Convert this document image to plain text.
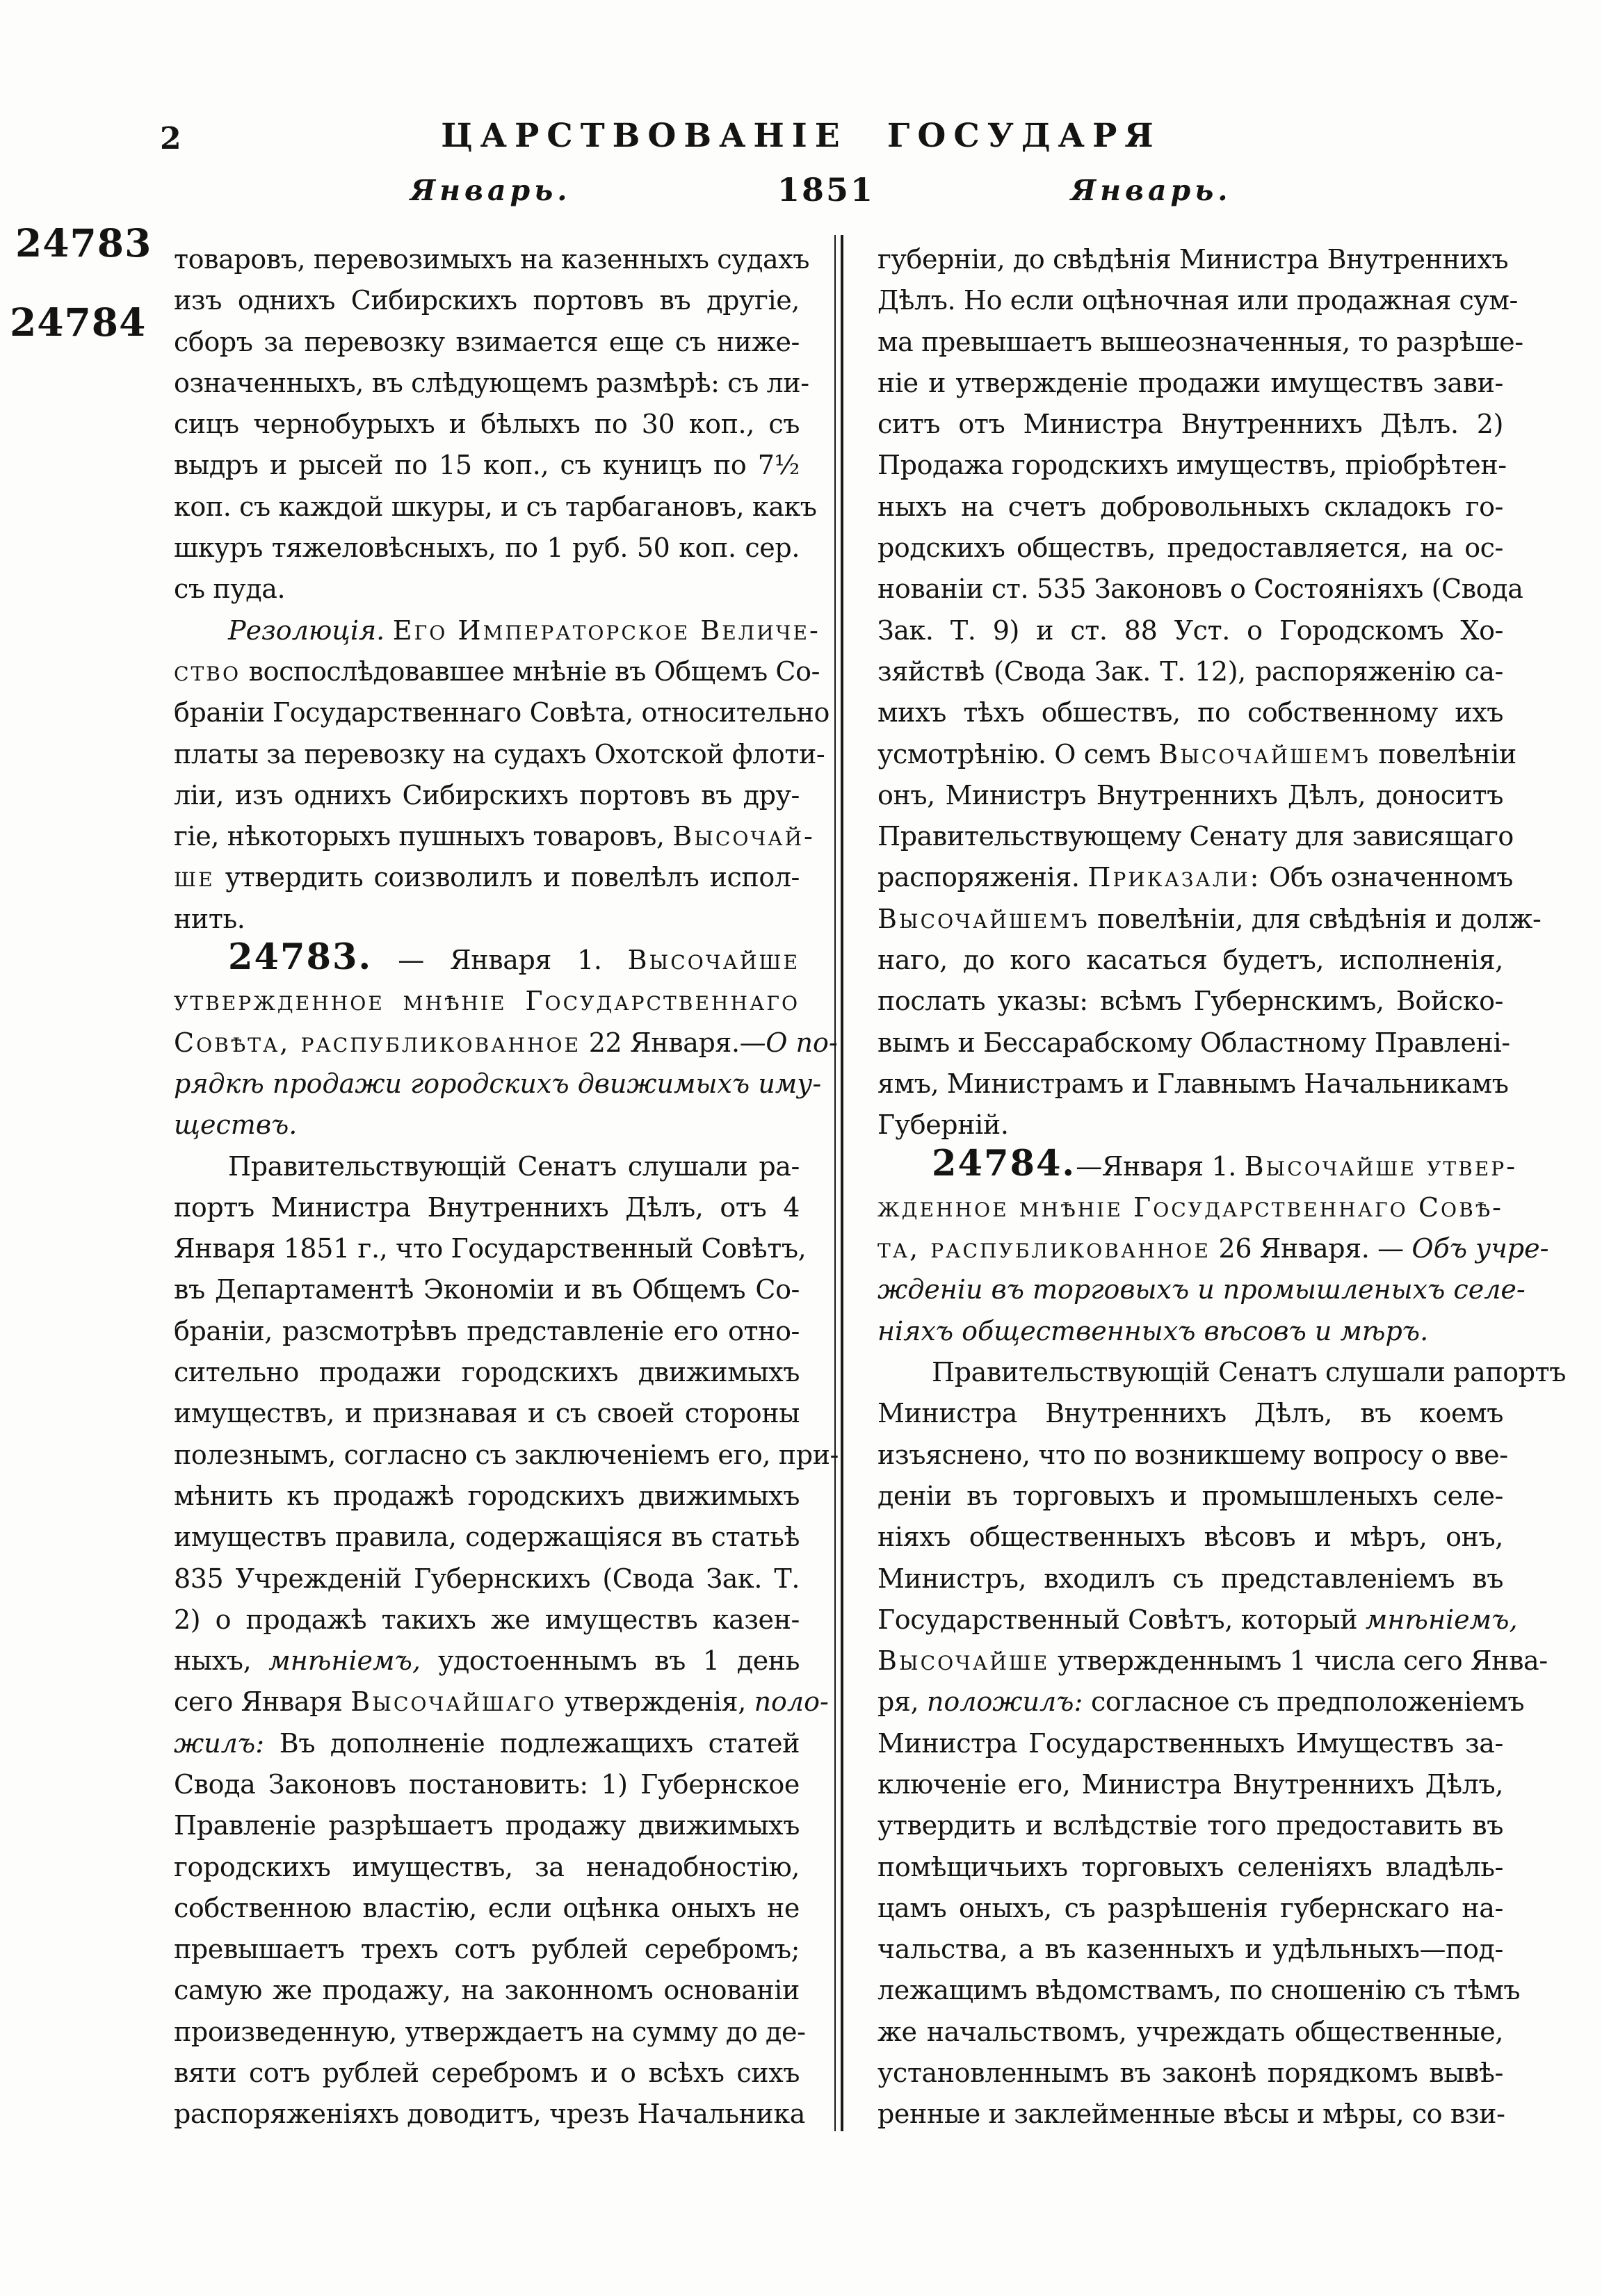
2	ЦАРСТВОВАНІЕ ГОСУДАРЯ
Январь.	1851	Январь.
24783
24784
товаровъ, перевозимыхъ на казенныхъ судахъ
изъ однихъ Сибирскихъ портовъ въ другіе,
сборъ за перевозку взимается еще съ ниже-
означенныхъ, въ слѣдующемъ размѣрѣ: съ ли-
сицъ чернобурыхъ и бѣлыхъ по 30 коп., съ
выдръ и рысей по 15 коп., съ куницъ по 7½
коп. съ каждой шкуры, и съ тарбагановъ, какъ
шкуръ тяжеловѣсныхъ, по 1 руб. 50 коп. сер.
съ пуда.
Резолюція. ЕГО ИМПЕРАТОРСКОЕ ВЕЛИЧЕ-
СТВО воспослѣдовавшее мнѣніе въ Общемъ Со-
браніи Государственнаго Совѣта, относительно
платы за перевозку на судахъ Охотской флоти-
ліи, изъ однихъ Сибирскихъ портовъ въ дру-
гіе, нѣкоторыхъ пушныхъ товаровъ, ВЫСОЧАЙ-
ШЕ утвердить соизволилъ и повелѣлъ испол-
нить.
24783. — Января 1. ВЫСОЧАЙШЕ
УТВЕРЖДЕННОЕ МНѢНІЕ ГОСУДАРСТВЕННАГО
СОВѢТА, РАСПУБЛИКОВАННОЕ 22 Января.—О по-
рядкѣ продажи городскихъ движимыхъ иму-
ществъ.
Правительствующій Сенатъ слушали ра-
портъ Министра Внутреннихъ Дѣлъ, отъ 4
Января 1851 г., что Государственный Совѣтъ,
въ Департаментѣ Экономіи и въ Общемъ Со-
браніи, разсмотрѣвъ представленіе его отно-
сительно продажи городскихъ движимыхъ
имуществъ, и признавая и съ своей стороны
полезнымъ, согласно съ заключеніемъ его, при-
мѣнить къ продажѣ городскихъ движимыхъ
имуществъ правила, содержащіяся въ статьѣ
835 Учрежденій Губернскихъ (Свода Зак. Т.
2) о продажѣ такихъ же имуществъ казен-
ныхъ, мнѣніемъ, удостоеннымъ въ 1 день
сего Января ВЫСОЧАЙШАГО утвержденія, поло-
жилъ: Въ дополненіе подлежащихъ статей
Свода Законовъ постановить: 1) Губернское
Правленіе разрѣшаетъ продажу движимыхъ
городскихъ имуществъ, за ненадобностію,
собственною властію, если оцѣнка оныхъ не
превышаетъ трехъ сотъ рублей серебромъ;
самую же продажу, на законномъ основаніи
произведенную, утверждаетъ на сумму до де-
вяти сотъ рублей серебромъ и о всѣхъ сихъ
распоряженіяхъ доводитъ, чрезъ Начальника
губерніи, до свѣдѣнія Министра Внутреннихъ
Дѣлъ. Но если оцѣночная или продажная сум-
ма превышаетъ вышеозначенныя, то разрѣше-
ніе и утвержденіе продажи имуществъ зави-
ситъ отъ Министра Внутреннихъ Дѣлъ. 2)
Продажа городскихъ имуществъ, пріобрѣтен-
ныхъ на счетъ добровольныхъ складокъ го-
родскихъ обществъ, предоставляется, на ос-
нованіи ст. 535 Законовъ о Состояніяхъ (Свода
Зак. Т. 9) и ст. 88 Уст. о Городскомъ Хо-
зяйствѣ (Свода Зак. Т. 12), распоряженію са-
михъ тѣхъ обшествъ, по собственному ихъ
усмотрѣнію. О семъ ВЫСОЧАЙШЕМЪ повелѣніи
онъ, Министръ Внутреннихъ Дѣлъ, доноситъ
Правительствующему Сенату для зависящаго
распоряженія. ПРИКАЗАЛИ: Объ означенномъ
ВЫСОЧАЙШЕМЪ повелѣніи, для свѣдѣнія и долж-
наго, до кого касаться будетъ, исполненія,
послать указы: всѣмъ Губернскимъ, Войско-
вымъ и Бессарабскому Областному Правлені-
ямъ, Министрамъ и Главнымъ Начальникамъ
Губерній.
24784.—Января 1. ВЫСОЧАЙШЕ УТВЕР-
ЖДЕННОЕ МНѢНІЕ ГОСУДАРСТВЕННАГО СОВѢ-
ТА, РАСПУБЛИКОВАННОЕ 26 Января. — Объ учре-
жденіи въ торговыхъ и промышленыхъ селе-
ніяхъ общественныхъ вѣсовъ и мѣръ.
Правительствующій Сенатъ слушали рапортъ
Министра Внутреннихъ Дѣлъ, въ коемъ
изъяснено, что по возникшему вопросу о вве-
деніи въ торговыхъ и промышленыхъ селе-
ніяхъ общественныхъ вѣсовъ и мѣръ, онъ,
Министръ, входилъ съ представленіемъ въ
Государственный Совѣтъ, который мнѣніемъ,
ВЫСОЧАЙШЕ утвержденнымъ 1 числа сего Янва-
ря, положилъ: согласное съ предположеніемъ
Министра Государственныхъ Имуществъ за-
ключеніе его, Министра Внутреннихъ Дѣлъ,
утвердить и вслѣдствіе того предоставить въ
помѣщичьихъ торговыхъ селеніяхъ владѣль-
цамъ оныхъ, съ разрѣшенія губернскаго на-
чальства, а въ казенныхъ и удѣльныхъ—под-
лежащимъ вѣдомствамъ, по сношенію съ тѣмъ
же начальствомъ, учреждать общественные,
установленнымъ въ законѣ порядкомъ вывѣ-
ренные и заклейменные вѣсы и мѣры, со взи-
